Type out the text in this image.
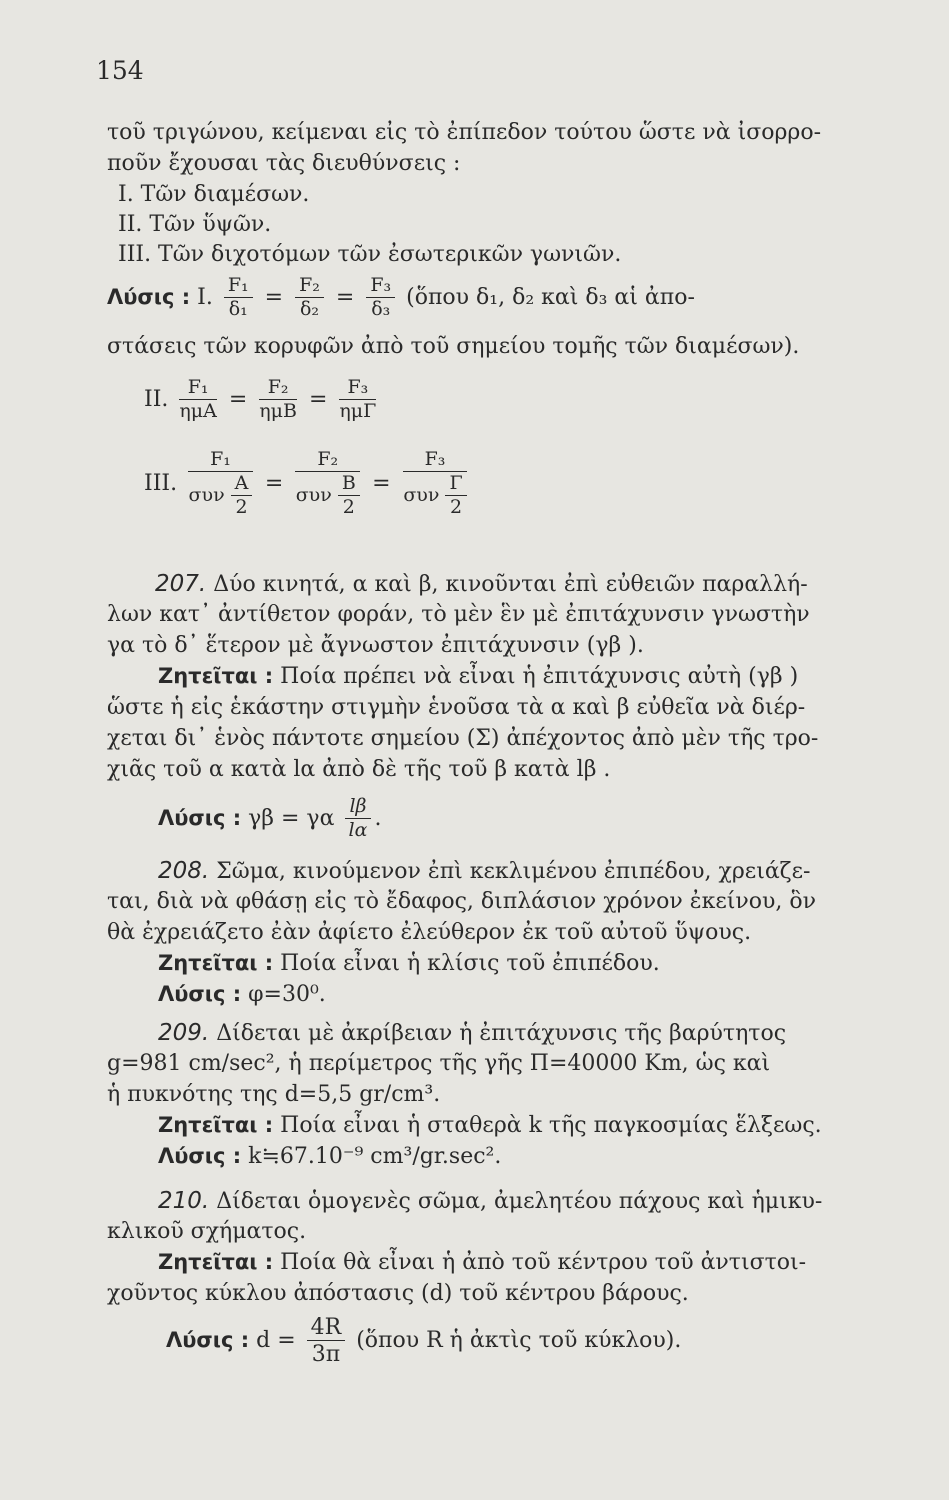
154
τοῦ τριγώνου, κείμεναι εἰς τὸ ἐπίπεδον τούτου ὥστε νὰ ἰσορρο-
ποῦν ἔχουσαι τὰς διευθύνσεις :
I. Τῶν διαμέσων.
II. Τῶν ὕψῶν.
III. Τῶν διχοτόμων τῶν ἐσωτερικῶν γωνιῶν.
Λύσις : I. $\frac{\text{F₁}}{\text{δ₁}} = \frac{\text{F₂}}{\text{δ₂}} = \frac{\text{F₃}}{\text{δ₃}}$ (ὅπου δ₁, δ₂ καὶ δ₃ αἱ ἀπο-
στάσεις τῶν κορυφῶν ἀπὸ τοῦ σημείου τομῆς τῶν διαμέσων).
II. $\frac{\text{F₁}}{\text{ημA}} = \frac{\text{F₂}}{\text{ημB}} = \frac{\text{F₃}}{\text{ημΓ}}$
III. $\frac{\text{F₁}}{\sigma\upsilon\nu \frac{A}{2}} = \frac{\text{F₂}}{\sigma\upsilon\nu \frac{B}{2}} = \frac{\text{F₃}}{\sigma\upsilon\nu \frac{\Gamma}{2}}$
207. Δύο κινητά, α καὶ β, κινοῦνται ἐπὶ εὐθειῶν παραλλή-
λων κατ᾿ ἀντίθετον φοράν, τὸ μὲν ἓν μὲ ἐπιτάχυνσιν γνωστὴν
γα τὸ δ᾿ ἕτερον μὲ ἄγνωστον ἐπιτάχυνσιν (γβ ).
Ζητεῖται : Ποία πρέπει νὰ εἶναι ἡ ἐπιτάχυνσις αὐτὴ (γβ )
ὥστε ἡ εἰς ἑκάστην στιγμὴν ἑνοῦσα τὰ α καὶ β εὐθεῖα νὰ διέρ-
χεται δι᾿ ἑνὸς πάντοτε σημείου (Σ) ἀπέχοντος ἀπὸ μὲν τῆς τρο-
χιᾶς τοῦ α κατὰ lα ἀπὸ δὲ τῆς τοῦ β κατὰ lβ .
Λύσις : γβ = γα $\frac{l\beta}{l\alpha}$ .
208. Σῶμα, κινούμενον ἐπὶ κεκλιμένου ἐπιπέδου, χρειάζε-
ται, διὰ νὰ φθάσῃ εἰς τὸ ἔδαφος, διπλάσιον χρόνον ἐκείνου, ὃν
θὰ ἐχρειάζετο ἐὰν ἀφίετο ἐλεύθερον ἐκ τοῦ αὐτοῦ ὕψους.
Ζητεῖται : Ποία εἶναι ἡ κλίσις τοῦ ἐπιπέδου.
Λύσις : φ=30⁰.
209. Δίδεται μὲ ἀκρίβειαν ἡ ἐπιτάχυνσις τῆς βαρύτητος
g=981 cm/sec², ἡ περίμετρος τῆς γῆς Π=40000 Km, ὡς καὶ
ἡ πυκνότης της d=5,5 gr/cm³.
Ζητεῖται : Ποία εἶναι ἡ σταθερὰ k τῆς παγκοσμίας ἕλξεως.
Λύσις : k≒67.10⁻⁹ cm³/gr.sec².
210. Δίδεται ὁμογενὲς σῶμα, ἀμελητέου πάχους καὶ ἡμικυ-
κλικοῦ σχήματος.
Ζητεῖται : Ποία θὰ εἶναι ἡ ἀπὸ τοῦ κέντρου τοῦ ἀντιστοι-
χοῦντος κύκλου ἀπόστασις (d) τοῦ κέντρου βάρους.
Λύσις : $d = \frac{4R}{3\pi}$ (ὅπου R ἡ ἀκτὶς τοῦ κύκλου).
